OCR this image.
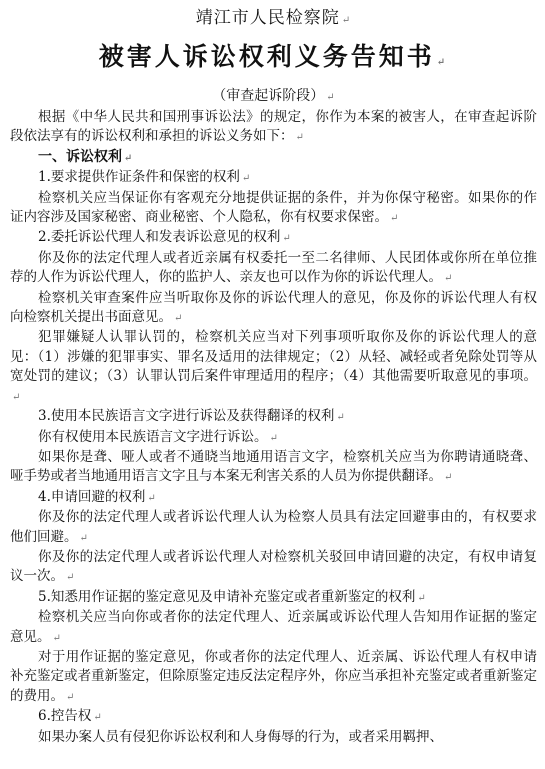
靖江市人民检察院 ↵
被害人诉讼权利义务告知书 ↵
（审查起诉阶段） ↵

根据《中华人民共和国刑事诉讼法》的规定，你作为本案的被害人，在审查起诉阶段依法享有的诉讼权利和承担的诉讼义务如下： ↵

一、诉讼权利 ↵

1.要求提供作证条件和保密的权利 ↵

检察机关应当保证你有客观充分地提供证据的条件，并为你保守秘密。如果你的作证内容涉及国家秘密、商业秘密、个人隐私，你有权要求保密。 ↵

2.委托诉讼代理人和发表诉讼意见的权利 ↵

你及你的法定代理人或者近亲属有权委托一至二名律师、人民团体或你所在单位推荐的人作为诉讼代理人，你的监护人、亲友也可以作为你的诉讼代理人。 ↵

检察机关审查案件应当听取你及你的诉讼代理人的意见，你及你的诉讼代理人有权向检察机关提出书面意见。 ↵

犯罪嫌疑人认罪认罚的，检察机关应当对下列事项听取你及你的诉讼代理人的意见：（1）涉嫌的犯罪事实、罪名及适用的法律规定；（2）从轻、减轻或者免除处罚等从宽处罚的建议；（3）认罪认罚后案件审理适用的程序；（4）其他需要听取意见的事项。↵

3.使用本民族语言文字进行诉讼及获得翻译的权利 ↵

你有权使用本民族语言文字进行诉讼。 ↵

如果你是聋、哑人或者不通晓当地通用语言文字，检察机关应当为你聘请通晓聋、哑手势或者当地通用语言文字且与本案无利害关系的人员为你提供翻译。 ↵

4.申请回避的权利 ↵

你及你的法定代理人或者诉讼代理人认为检察人员具有法定回避事由的，有权要求他们回避。 ↵

你及你的法定代理人或者诉讼代理人对检察机关驳回申请回避的决定，有权申请复议一次。 ↵

5.知悉用作证据的鉴定意见及申请补充鉴定或者重新鉴定的权利 ↵

检察机关应当向你或者你的法定代理人、近亲属或诉讼代理人告知用作证据的鉴定意见。 ↵

对于用作证据的鉴定意见，你或者你的法定代理人、近亲属、诉讼代理人有权申请补充鉴定或者重新鉴定，但除原鉴定违反法定程序外，你应当承担补充鉴定或者重新鉴定的费用。 ↵

6.控告权 ↵

如果办案人员有侵犯你诉讼权利和人身侮辱的行为，或者采用羁押、
